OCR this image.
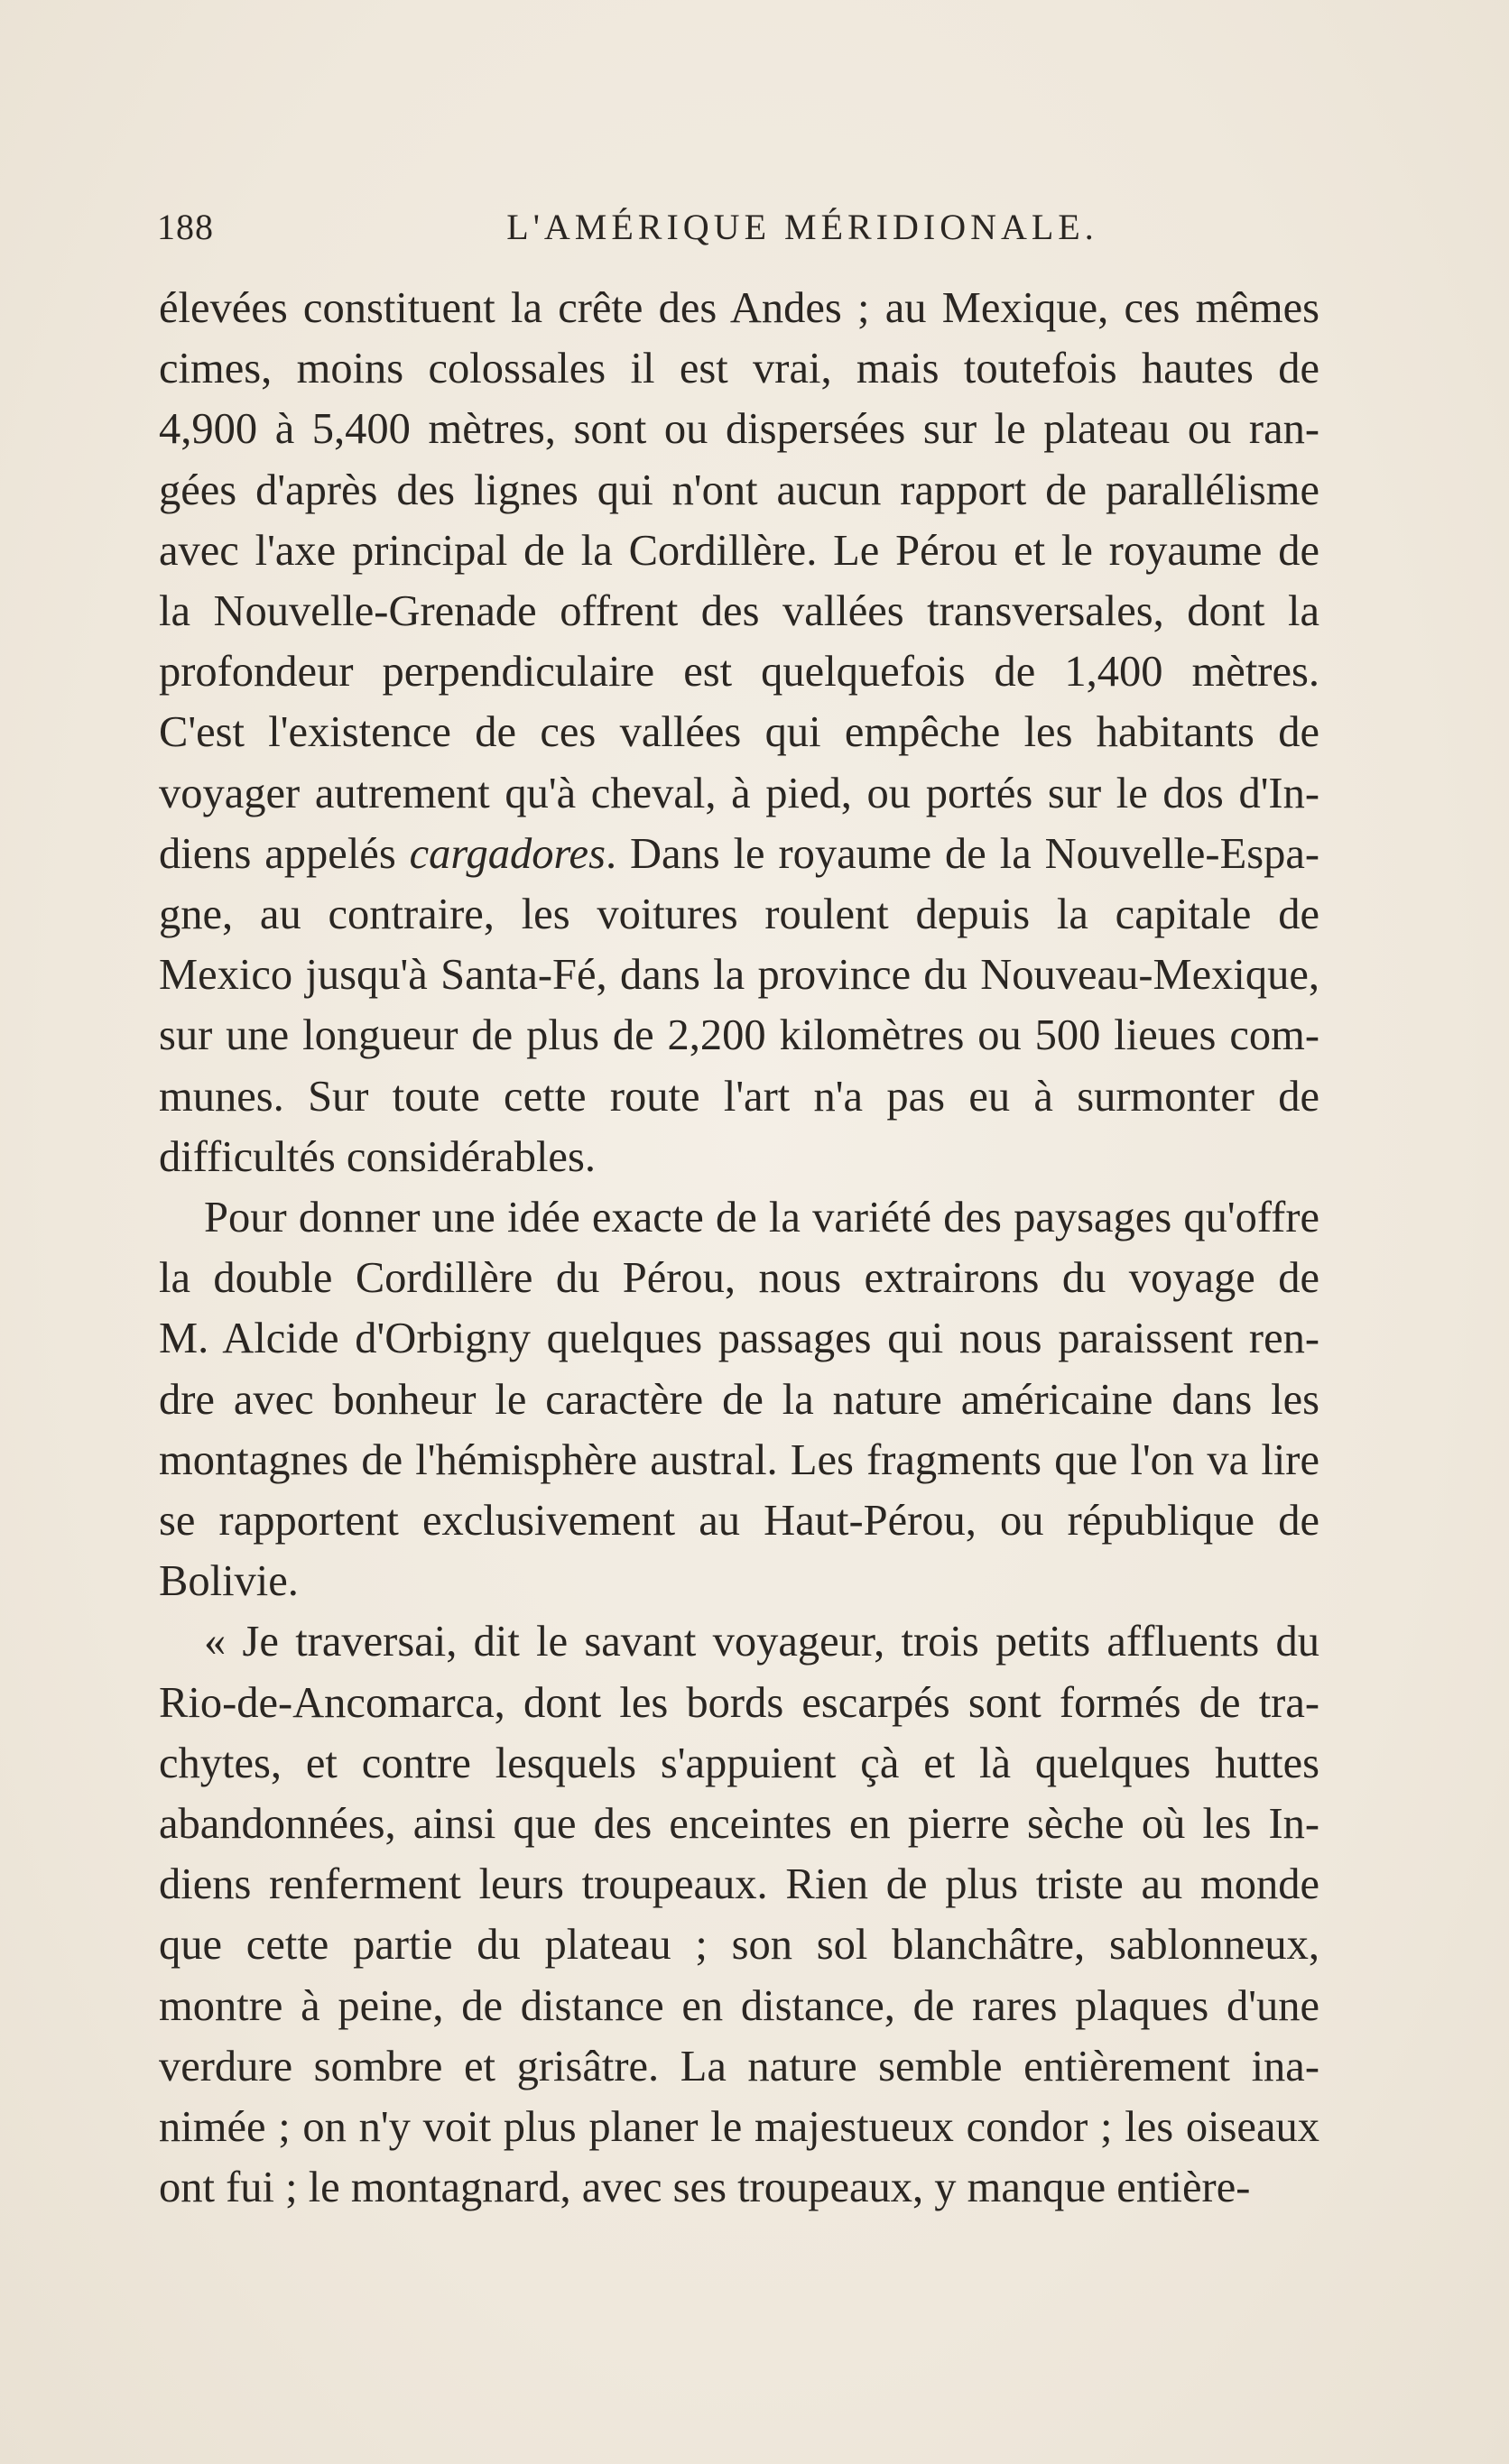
188	L'AMÉRIQUE MÉRIDIONALE.

élevées constituent la crête des Andes ; au Mexique, ces mêmes
cimes, moins colossales il est vrai, mais toutefois hautes de
4,900 à 5,400 mètres, sont ou dispersées sur le plateau ou ran-
gées d'après des lignes qui n'ont aucun rapport de parallélisme
avec l'axe principal de la Cordillère. Le Pérou et le royaume de
la Nouvelle-Grenade offrent des vallées transversales, dont la
profondeur perpendiculaire est quelquefois de 1,400 mètres.
C'est l'existence de ces vallées qui empêche les habitants de
voyager autrement qu'à cheval, à pied, ou portés sur le dos d'In-
diens appelés cargadores. Dans le royaume de la Nouvelle-Espa-
gne, au contraire, les voitures roulent depuis la capitale de
Mexico jusqu'à Santa-Fé, dans la province du Nouveau-Mexique,
sur une longueur de plus de 2,200 kilomètres ou 500 lieues com-
munes. Sur toute cette route l'art n'a pas eu à surmonter de
difficultés considérables.

Pour donner une idée exacte de la variété des paysages qu'offre
la double Cordillère du Pérou, nous extrairons du voyage de
M. Alcide d'Orbigny quelques passages qui nous paraissent ren-
dre avec bonheur le caractère de la nature américaine dans les
montagnes de l'hémisphère austral. Les fragments que l'on va lire
se rapportent exclusivement au Haut-Pérou, ou république de
Bolivie.

« Je traversai, dit le savant voyageur, trois petits affluents du
Rio-de-Ancomarca, dont les bords escarpés sont formés de tra-
chytes, et contre lesquels s'appuient çà et là quelques huttes
abandonnées, ainsi que des enceintes en pierre sèche où les In-
diens renferment leurs troupeaux. Rien de plus triste au monde
que cette partie du plateau ; son sol blanchâtre, sablonneux,
montre à peine, de distance en distance, de rares plaques d'une
verdure sombre et grisâtre. La nature semble entièrement ina-
nimée ; on n'y voit plus planer le majestueux condor ; les oiseaux
ont fui ; le montagnard, avec ses troupeaux, y manque entière-
